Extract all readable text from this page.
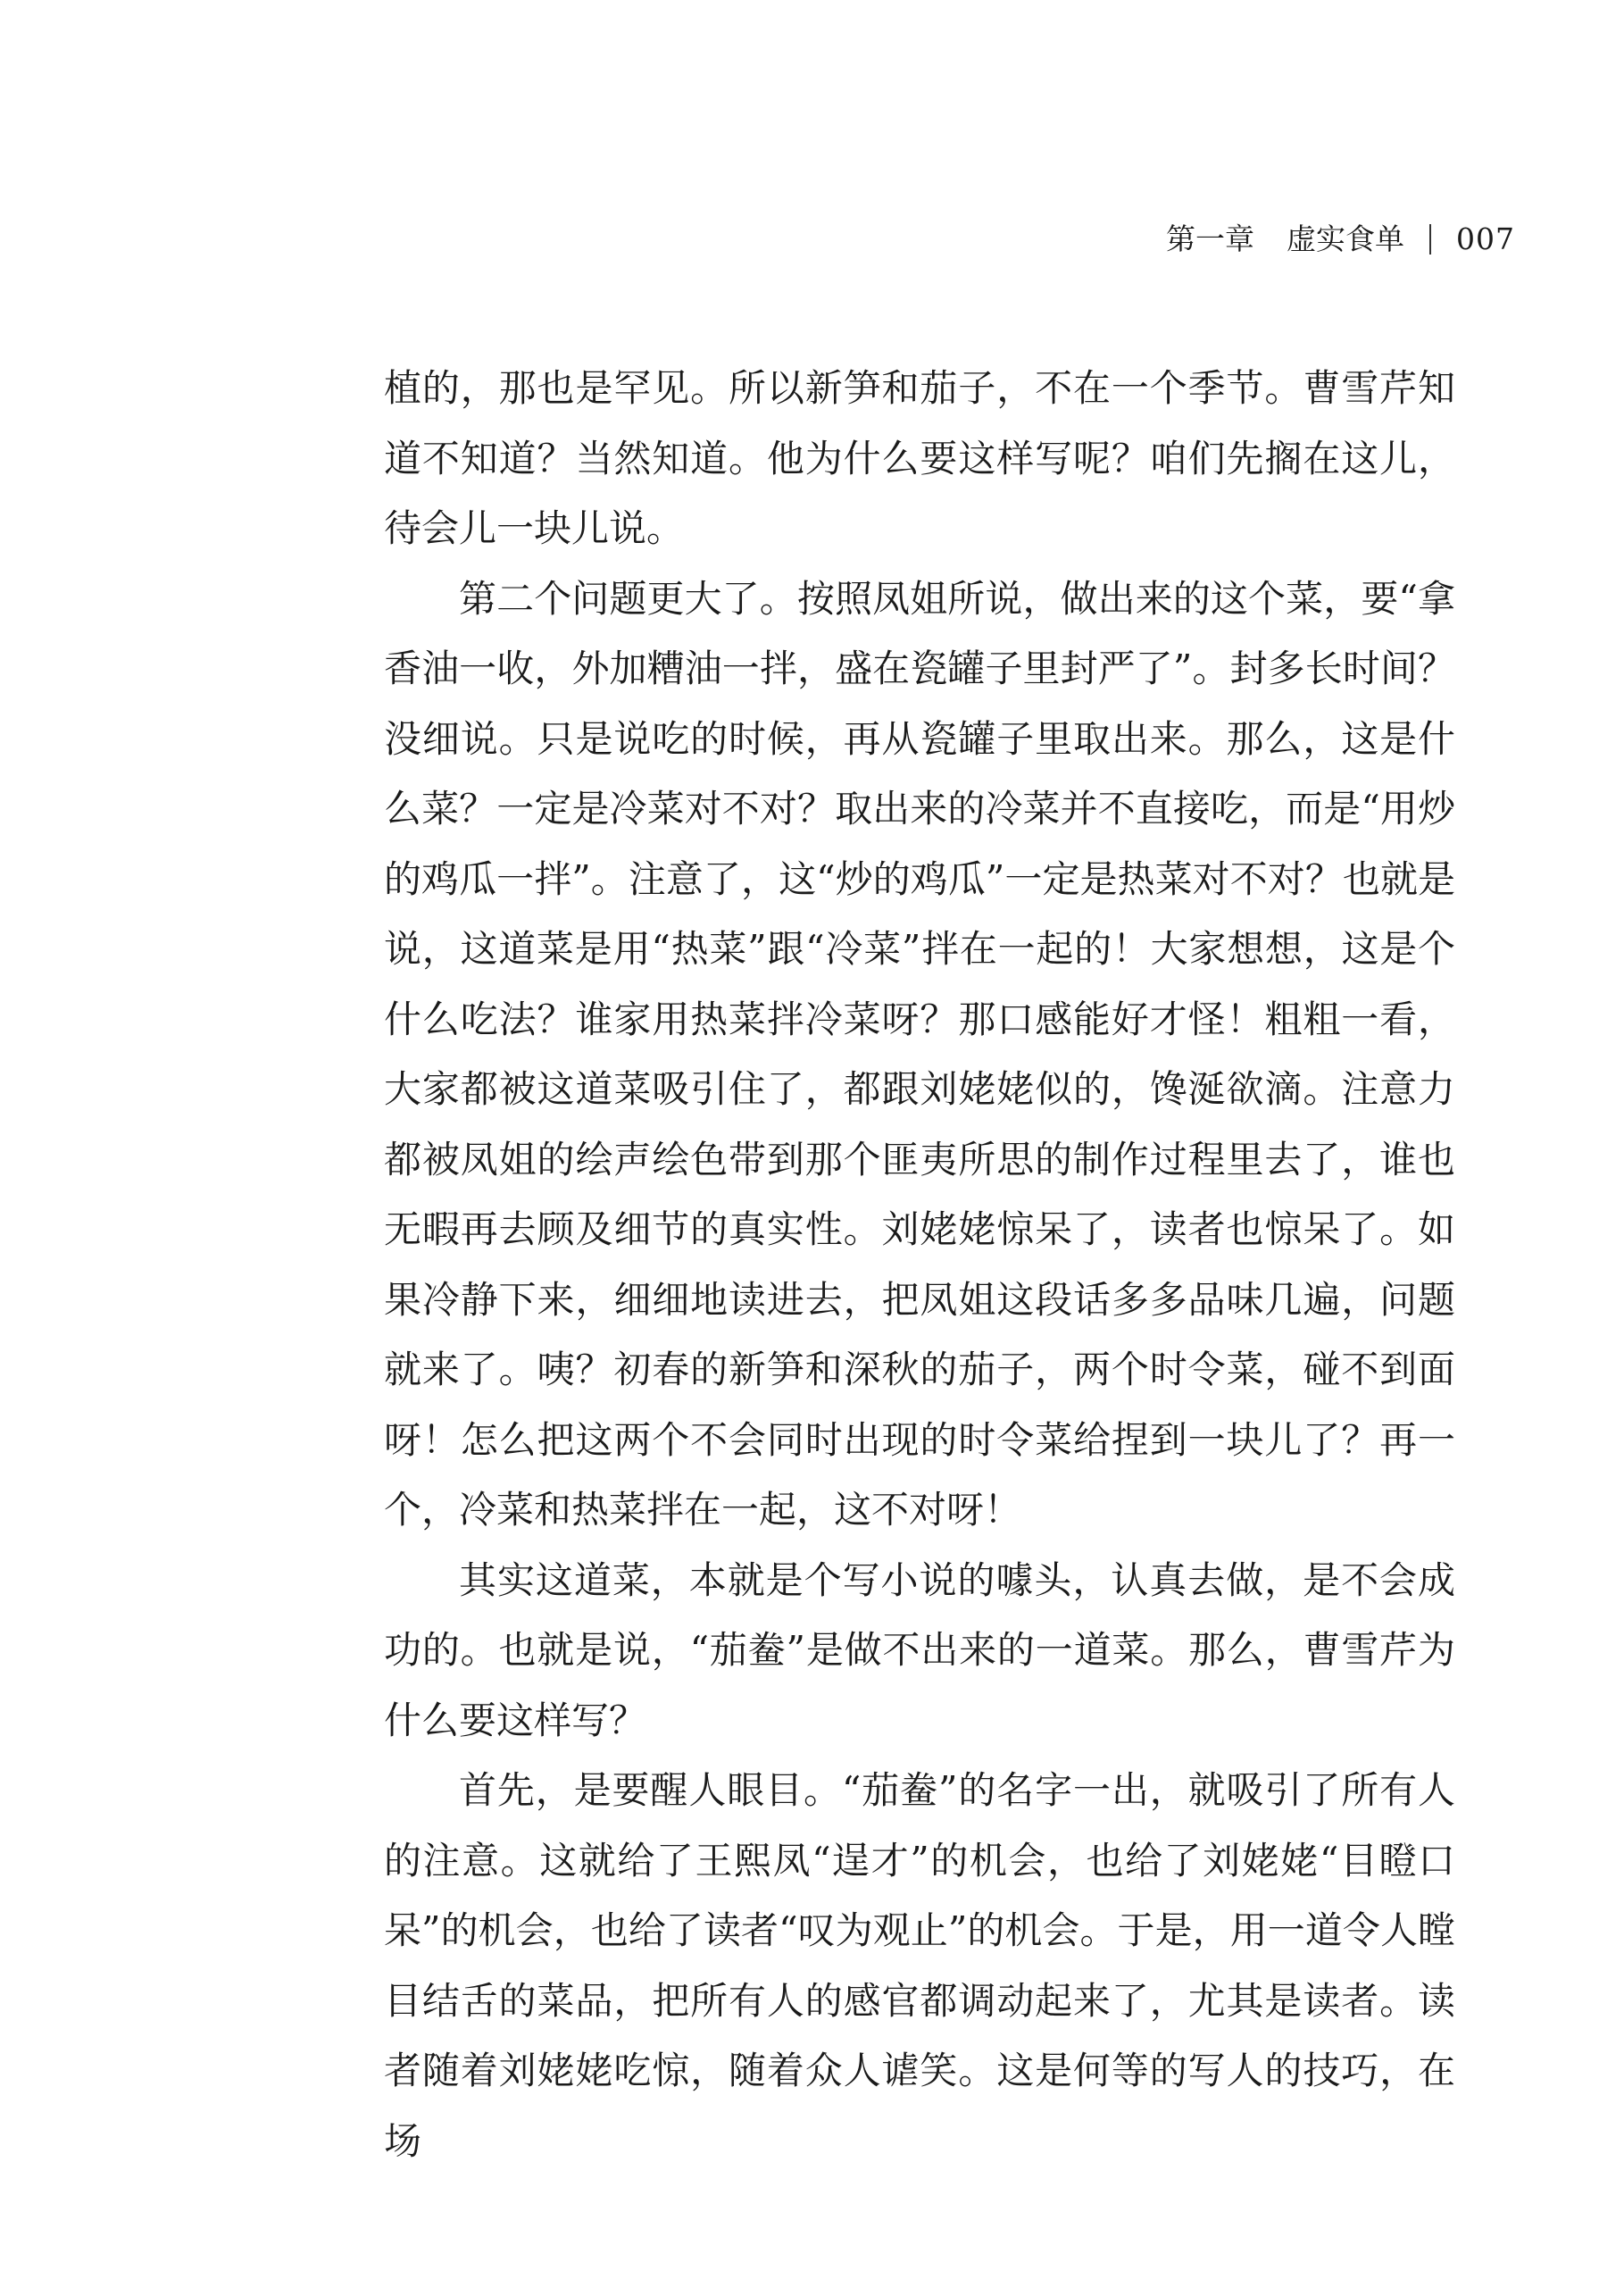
第一章 虚实食单 007

植的，那也是罕见。所以新笋和茄子，不在一个季节。曹雪芹知道不知道？当然知道。他为什么要这样写呢？咱们先搁在这儿，待会儿一块儿说。

第二个问题更大了。按照凤姐所说，做出来的这个菜，要“拿香油一收，外加糟油一拌，盛在瓷罐子里封严了”。封多长时间？没细说。只是说吃的时候，再从瓷罐子里取出来。那么，这是什么菜？一定是冷菜对不对？取出来的冷菜并不直接吃，而是“用炒的鸡瓜一拌”。注意了，这“炒的鸡瓜”一定是热菜对不对？也就是说，这道菜是用“热菜”跟“冷菜”拌在一起的！大家想想，这是个什么吃法？谁家用热菜拌冷菜呀？那口感能好才怪！粗粗一看，大家都被这道菜吸引住了，都跟刘姥姥似的，馋涎欲滴。注意力都被凤姐的绘声绘色带到那个匪夷所思的制作过程里去了，谁也无暇再去顾及细节的真实性。刘姥姥惊呆了，读者也惊呆了。如果冷静下来，细细地读进去，把凤姐这段话多多品味几遍，问题就来了。咦？初春的新笋和深秋的茄子，两个时令菜，碰不到面呀！怎么把这两个不会同时出现的时令菜给捏到一块儿了？再一个，冷菜和热菜拌在一起，这不对呀！

其实这道菜，本就是个写小说的噱头，认真去做，是不会成功的。也就是说，“茄鲞”是做不出来的一道菜。那么，曹雪芹为什么要这样写？

首先，是要醒人眼目。“茄鲞”的名字一出，就吸引了所有人的注意。这就给了王熙凤“逞才”的机会，也给了刘姥姥“目瞪口呆”的机会，也给了读者“叹为观止”的机会。于是，用一道令人瞠目结舌的菜品，把所有人的感官都调动起来了，尤其是读者。读者随着刘姥姥吃惊，随着众人谑笑。这是何等的写人的技巧，在场
